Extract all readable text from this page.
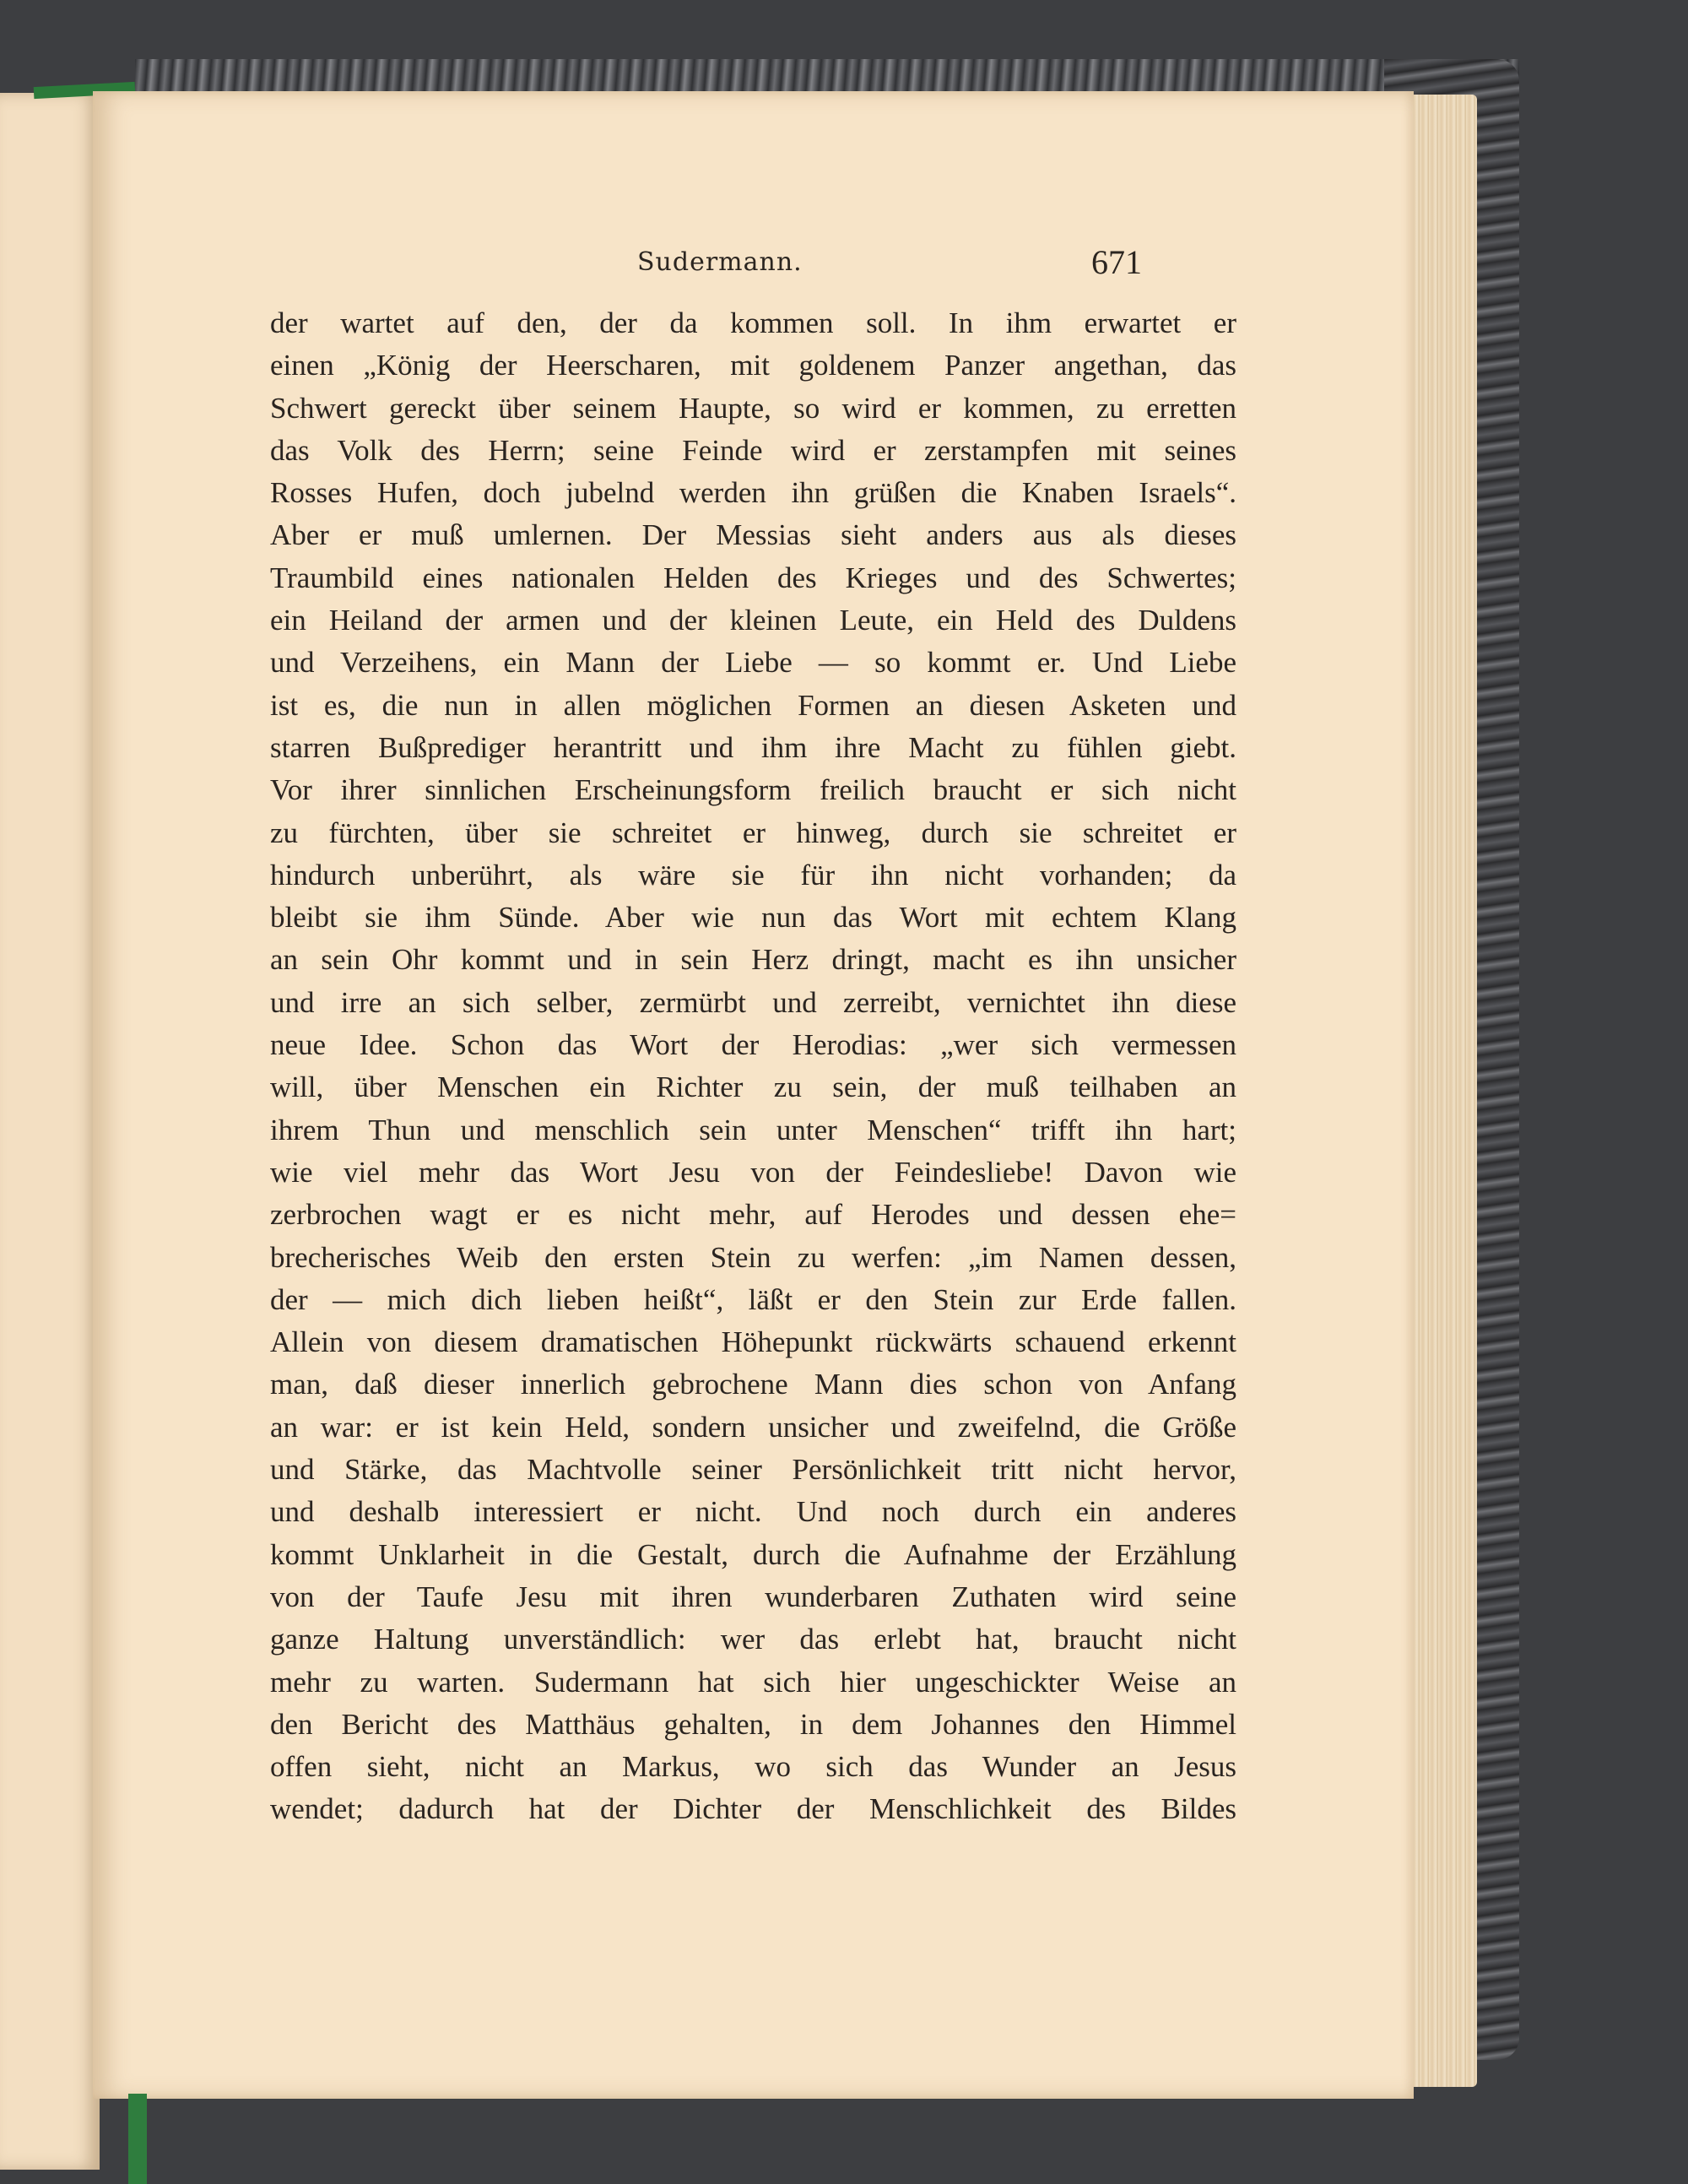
Sudermann.	671
der wartet auf den, der da kommen soll. In ihm erwartet er
einen „König der Heerscharen, mit goldenem Panzer angethan, das
Schwert gereckt über seinem Haupte, so wird er kommen, zu erretten
das Volk des Herrn; seine Feinde wird er zerstampfen mit seines
Rosses Hufen, doch jubelnd werden ihn grüßen die Knaben Israels“.
Aber er muß umlernen. Der Messias sieht anders aus als dieses
Traumbild eines nationalen Helden des Krieges und des Schwertes;
ein Heiland der armen und der kleinen Leute, ein Held des Duldens
und Verzeihens, ein Mann der Liebe — so kommt er. Und Liebe
ist es, die nun in allen möglichen Formen an diesen Asketen und
starren Bußprediger herantritt und ihm ihre Macht zu fühlen giebt.
Vor ihrer sinnlichen Erscheinungsform freilich braucht er sich nicht
zu fürchten, über sie schreitet er hinweg, durch sie schreitet er
hindurch unberührt, als wäre sie für ihn nicht vorhanden; da
bleibt sie ihm Sünde. Aber wie nun das Wort mit echtem Klang
an sein Ohr kommt und in sein Herz dringt, macht es ihn unsicher
und irre an sich selber, zermürbt und zerreibt, vernichtet ihn diese
neue Idee. Schon das Wort der Herodias: „wer sich vermessen
will, über Menschen ein Richter zu sein, der muß teilhaben an
ihrem Thun und menschlich sein unter Menschen“ trifft ihn hart;
wie viel mehr das Wort Jesu von der Feindesliebe! Davon wie
zerbrochen wagt er es nicht mehr, auf Herodes und dessen ehe=
brecherisches Weib den ersten Stein zu werfen: „im Namen dessen,
der — mich dich lieben heißt“, läßt er den Stein zur Erde fallen.
Allein von diesem dramatischen Höhepunkt rückwärts schauend erkennt
man, daß dieser innerlich gebrochene Mann dies schon von Anfang
an war: er ist kein Held, sondern unsicher und zweifelnd, die Größe
und Stärke, das Machtvolle seiner Persönlichkeit tritt nicht hervor,
und deshalb interessiert er nicht. Und noch durch ein anderes
kommt Unklarheit in die Gestalt, durch die Aufnahme der Erzählung
von der Taufe Jesu mit ihren wunderbaren Zuthaten wird seine
ganze Haltung unverständlich: wer das erlebt hat, braucht nicht
mehr zu warten. Sudermann hat sich hier ungeschickter Weise an
den Bericht des Matthäus gehalten, in dem Johannes den Himmel
offen sieht, nicht an Markus, wo sich das Wunder an Jesus
wendet; dadurch hat der Dichter der Menschlichkeit des Bildes
